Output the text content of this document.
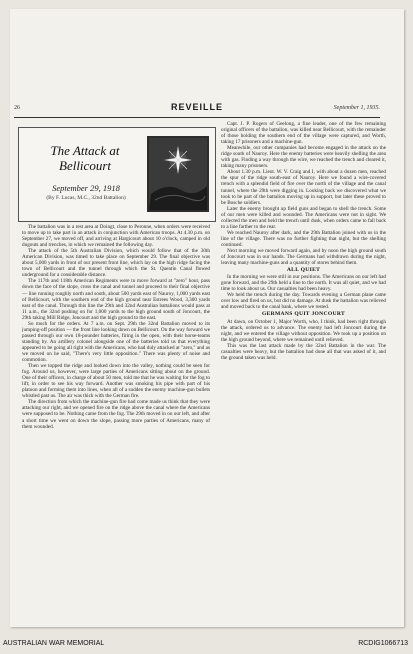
26	REVEILLE	September 1, 1935.
The Attack at Bellicourt
September 29, 1918
(By F. Lucas, M.C., 32nd Battalion)

The battalion was in a rest area at Doingt, close to Peronne, when orders were received to move up to take part in an attack in conjunction with American troops. At 4.30 p.m. on September 27, we moved off, and arriving at Hargicourt about 10 o'clock, camped in old dugouts and trenches, in which we remained the following day.

The attack of the 5th Australian Division, which would follow that of the 30th American Division, was timed to take place on September 29. The final objective was about 5,000 yards in front of our present front line, which lay on the high ridge facing the town of Bellicourt and the tunnel through which the St. Quentin Canal flowed underground for a considerable distance.

The 117th and 118th American Regiments were to move forward at "zero" hour, pass down the face of the slope, cross the canal and tunnel and proceed to their final objective — line running roughly north and south, about 500 yards east of Nauroy, 1,000 yards east of Bellicourt, with the southern end of the high ground near Estrees Wood, 3,300 yards east of the canal. Through this line the 29th and 32nd Australian battalions would pass at 11 a.m., the 32nd pushing on for 1,000 yards to the high ground south of Joncourt, the 29th taking Mill Ridge, Joncourt and the high ground to the east.

So much for the orders. At 7 a.m. on Sept. 29th the 32nd Battalion moved to its jumping-off position — the front line looking down on Bellicourt. On the way forward we passed through our own 18-pounder batteries, firing in the open, with their horse-teams standing by. An artillery colonel alongside one of the batteries told us that everything appeared to be going all right with the Americans, who had duly attacked at "zero," and as we moved on he said, "There's very little opposition." There was plenty of noise and commotion.

Then we topped the ridge and looked down into the valley, nothing could be seen for fog. Around us, however, were large parties of Americans sitting about on the ground. One of their officers, in charge of about 50 men, told me that he was waiting for the fog to lift; in order to see his way forward. Another was smoking his pipe with part of his platoon and forming them into lines, when all of a sudden the enemy machine-gun bullets whistled past us. The air was thick with the German fire.

The direction from which the machine-gun fire had come made us think that they were attacking our right, and we opened fire on the ridge above the canal where the Americans were supposed to be. Nothing came from the fog. The 29th moved in on our left, and after a short time we went on down the slope, passing more parties of Americans, many of them wounded.

Capt. J. P. Rogers of Geelong, a fine leader, one of the few remaining original officers of the battalion, was killed near Bellicourt, with the remainder of those holding the southern end of the village were captured, and Worth, taking 17 prisoners and a machine-gun.

Meanwhile, our other companies had become engaged in the attack on the ridge south of Nauroy. Here the enemy batteries were heavily shelling the area with gas. Finding a way through the wire, we reached the trench and cleared it, taking many prisoners.

About 1.30 p.m. Lieut. W. V. Craig and I, with about a dozen men, reached the spur of the ridge south-east of Nauroy. Here we found a wire-covered trench with a splendid field of fire over the north of the village and the canal tunnel, where the 29th were digging in. Looking back we discovered what we took to be part of the battalion moving up in support, but later these proved to be Bosche soldiers.

Later the enemy brought up field guns and began to shell the trench. Some of our men were killed and wounded. The Americans were not in sight. We collected the men and held the trench until dusk, when orders came to fall back to a line farther to the rear.

We reached Nauroy after dark, and the 29th Battalion joined with us in the line of the village. There was no further fighting that night, but the shelling continued.

Next morning we moved forward again, and by noon the high ground south of Joncourt was in our hands. The Germans had withdrawn during the night, leaving many machine-guns and a quantity of stores behind them.

ALL QUIET

In the morning we were still in our positions. The Americans on our left had gone forward, and the 29th held a line to the north. It was all quiet, and we had time to look about us. Our casualties had been heavy.

We held the trench during the day. Towards evening a German plane came over low and fired on us, but did no damage. At dusk the battalion was relieved and moved back to the canal bank, where we rested.

GERMANS QUIT JONCOURT

At dawn, on October 1, Major Worth, who, I think, had been right through the attack, ordered us to advance. The enemy had left Joncourt during the night, and we entered the village without opposition. We took up a position on the high ground beyond, where we remained until relieved.

This was the last attack made by the 32nd Battalion in the war. The casualties were heavy, but the battalion had done all that was asked of it, and the ground taken was held.

AUSTRALIAN WAR MEMORIAL	RCDIG1066713
